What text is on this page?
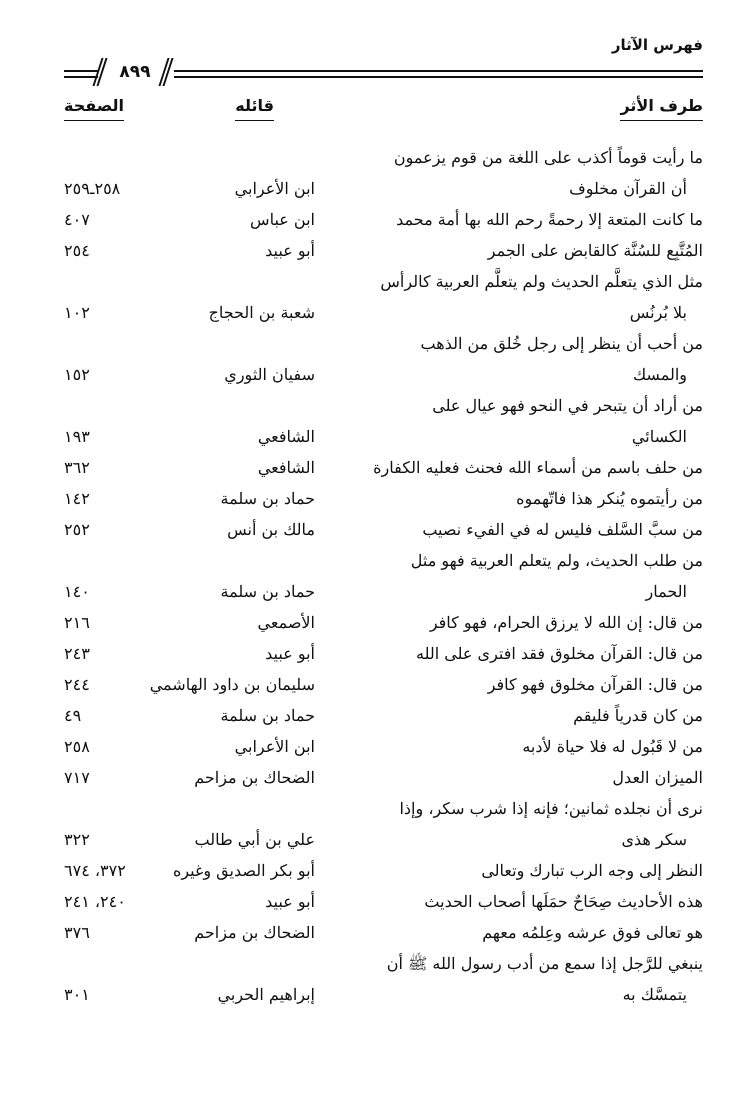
فهرس الآثار
٨٩٩
طرف الأثر
قائله
الصفحة
ما رأيت قوماً أكذب على اللغة من قوم يزعمون
أن القرآن مخلوف
ابن الأعرابي
٢٥٨ـ٢٥٩
ما كانت المتعة إلا رحمةً رحم الله بها أمة محمد
ابن عباس
٤٠٧
المُتَّبِع للسُنَّة كالقابض على الجمر
أبو عبيد
٢٥٤
مثل الذي يتعلَّم الحديث ولم يتعلَّم العربية كالرأس
بلا بُرنُس
شعبة بن الحجاج
١٠٢
من أحب أن ينظر إلى رجل خُلق من الذهب
والمسك
سفيان الثوري
١٥٢
من أراد أن يتبحر في النحو فهو عيال على
الكسائي
الشافعي
١٩٣
من حلف باسم من أسماء الله فحنث فعليه الكفارة
الشافعي
٣٦٢
من رأيتموه يُنكر هذا فاتّهموه
حماد بن سلمة
١٤٢
من سبَّ السَّلف فليس له في الفيء نصيب
مالك بن أنس
٢٥٢
من طلب الحديث، ولم يتعلم العربية فهو مثل
الحمار
حماد بن سلمة
١٤٠
من قال: إن الله لا يرزق الحرام، فهو كافر
الأصمعي
٢١٦
من قال: القرآن مخلوق فقد افترى على الله
أبو عبيد
٢٤٣
من قال: القرآن مخلوق فهو كافر
سليمان بن داود الهاشمي
٢٤٤
من كان قدرياً فليقم
حماد بن سلمة
٤٩
من لا قَبُول له فلا حياة لأدبه
ابن الأعرابي
٢٥٨
الميزان العدل
الضحاك بن مزاحم
٧١٧
نرى أن نجلده ثمانين؛ فإنه إذا شرب سكر، وإذا
سكر هذى
علي بن أبي طالب
٣٢٢
النظر إلى وجه الرب تبارك وتعالى
أبو بكر الصديق وغيره
٣٧٢، ٦٧٤
هذه الأحاديث صِحَاحٌ حمَلَها أصحاب الحديث
أبو عبيد
٢٤٠، ٢٤١
هو تعالى فوق عرشه وعِلمُه معهم
الضحاك بن مزاحم
٣٧٦
ينبغي للرَّجل إذا سمع من أدب رسول الله ﷺ أن
يتمسَّك به
إبراهيم الحربي
٣٠١
